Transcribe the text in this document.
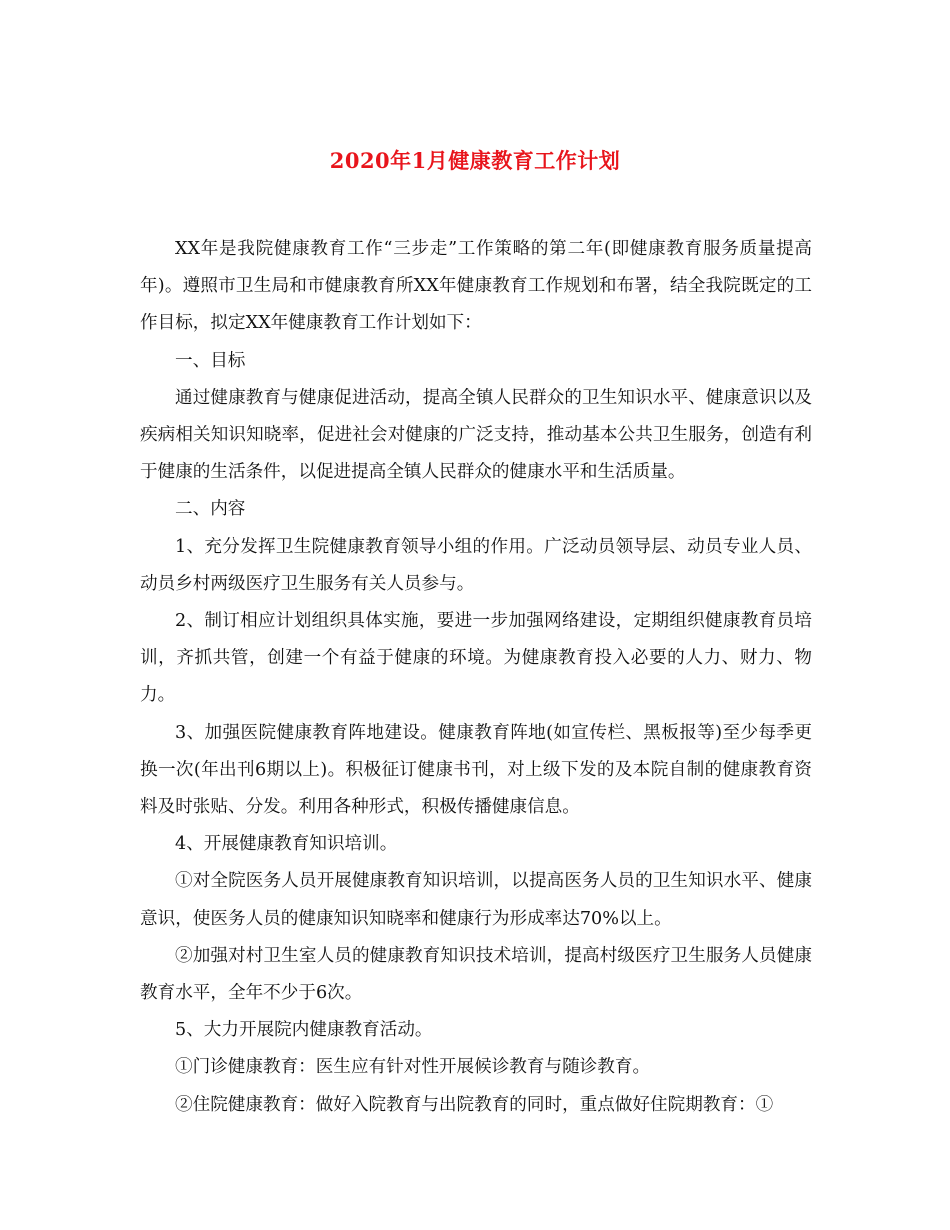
2020年1月健康教育工作计划

XX年是我院健康教育工作“三步走”工作策略的第二年(即健康教育服务质量提高年)。遵照市卫生局和市健康教育所XX年健康教育工作规划和布署，结全我院既定的工作目标，拟定XX年健康教育工作计划如下：

一、目标

通过健康教育与健康促进活动，提高全镇人民群众的卫生知识水平、健康意识以及疾病相关知识知晓率，促进社会对健康的广泛支持，推动基本公共卫生服务，创造有利于健康的生活条件，以促进提高全镇人民群众的健康水平和生活质量。

二、内容

1、充分发挥卫生院健康教育领导小组的作用。广泛动员领导层、动员专业人员、动员乡村两级医疗卫生服务有关人员参与。

2、制订相应计划组织具体实施，要进一步加强网络建设，定期组织健康教育员培训，齐抓共管，创建一个有益于健康的环境。为健康教育投入必要的人力、财力、物力。

3、加强医院健康教育阵地建设。健康教育阵地(如宣传栏、黑板报等)至少每季更换一次(年出刊6期以上)。积极征订健康书刊，对上级下发的及本院自制的健康教育资料及时张贴、分发。利用各种形式，积极传播健康信息。

4、开展健康教育知识培训。

①对全院医务人员开展健康教育知识培训，以提高医务人员的卫生知识水平、健康意识，使医务人员的健康知识知晓率和健康行为形成率达70%以上。

②加强对村卫生室人员的健康教育知识技术培训，提高村级医疗卫生服务人员健康教育水平，全年不少于6次。

5、大力开展院内健康教育活动。

①门诊健康教育：医生应有针对性开展候诊教育与随诊教育。

②住院健康教育：做好入院教育与出院教育的同时，重点做好住院期教育：①
